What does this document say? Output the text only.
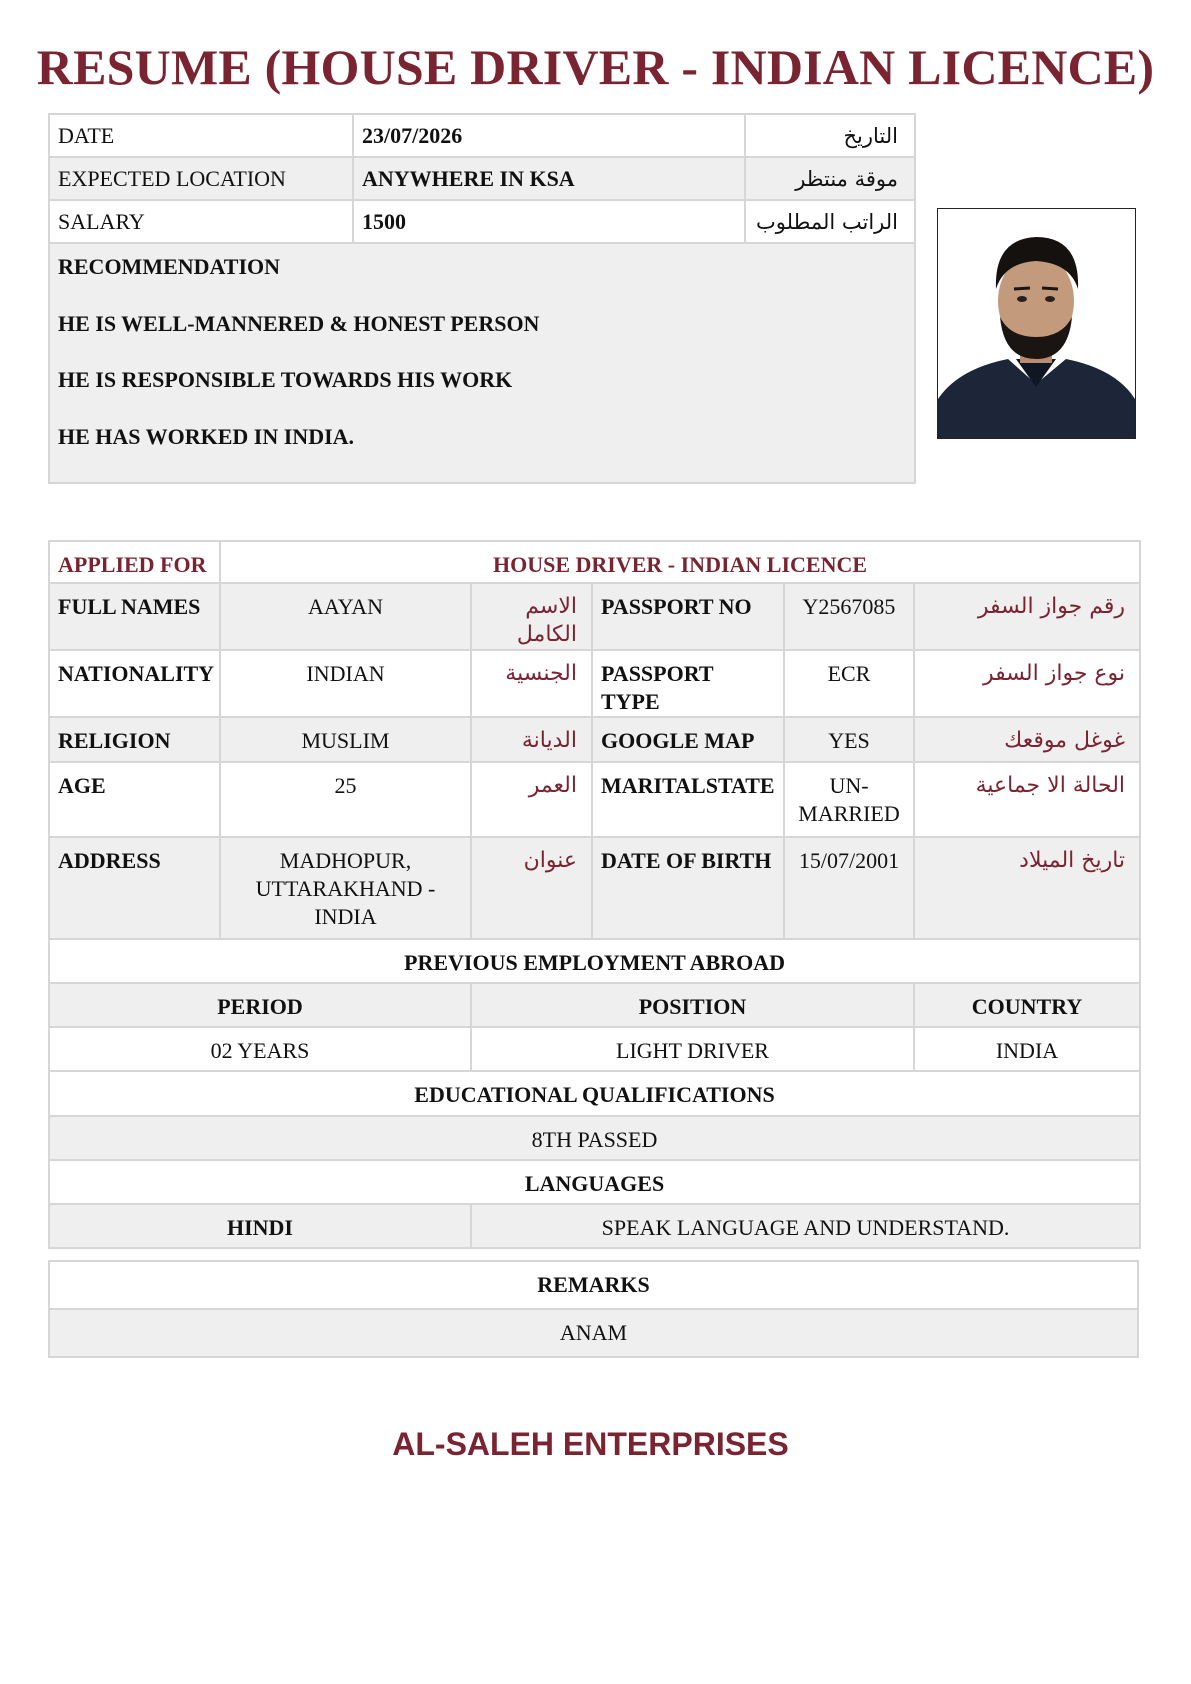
RESUME (HOUSE DRIVER - INDIAN LICENCE)
DATE	23/07/2026	التاريخ
EXPECTED LOCATION	ANYWHERE IN KSA	موقة منتظر
SALARY	1500	الراتب المطلوب

RECOMMENDATION
HE IS WELL-MANNERED & HONEST PERSON
HE IS RESPONSIBLE TOWARDS HIS WORK
HE HAS WORKED IN INDIA.		
APPLIED FOR	HOUSE DRIVER - INDIAN LICENCE				
FULL NAMES	AAYAN	الاسم الكامل	PASSPORT NO	Y2567085	رقم جواز السفر
NATIONALITY	INDIAN	الجنسية	PASSPORT TYPE	ECR	نوع جواز السفر
RELIGION	MUSLIM	الديانة	GOOGLE MAP	YES	غوغل موقعك
AGE	25	العمر	MARITALSTATE	UN-MARRIED	الحالة الا جماعية
ADDRESS	MADHOPUR, UTTARAKHAND - INDIA	عنوان	DATE OF BIRTH	15/07/2001	تاريخ الميلاد
PREVIOUS EMPLOYMENT ABROAD					
PERIOD		POSITION			COUNTRY
02 YEARS		LIGHT DRIVER			INDIA
EDUCATIONAL QUALIFICATIONS					
8TH PASSED					
LANGUAGES					
HINDI		SPEAK LANGUAGE AND UNDERSTAND.			
REMARKS
ANAM
AL-SALEH ENTERPRISES
